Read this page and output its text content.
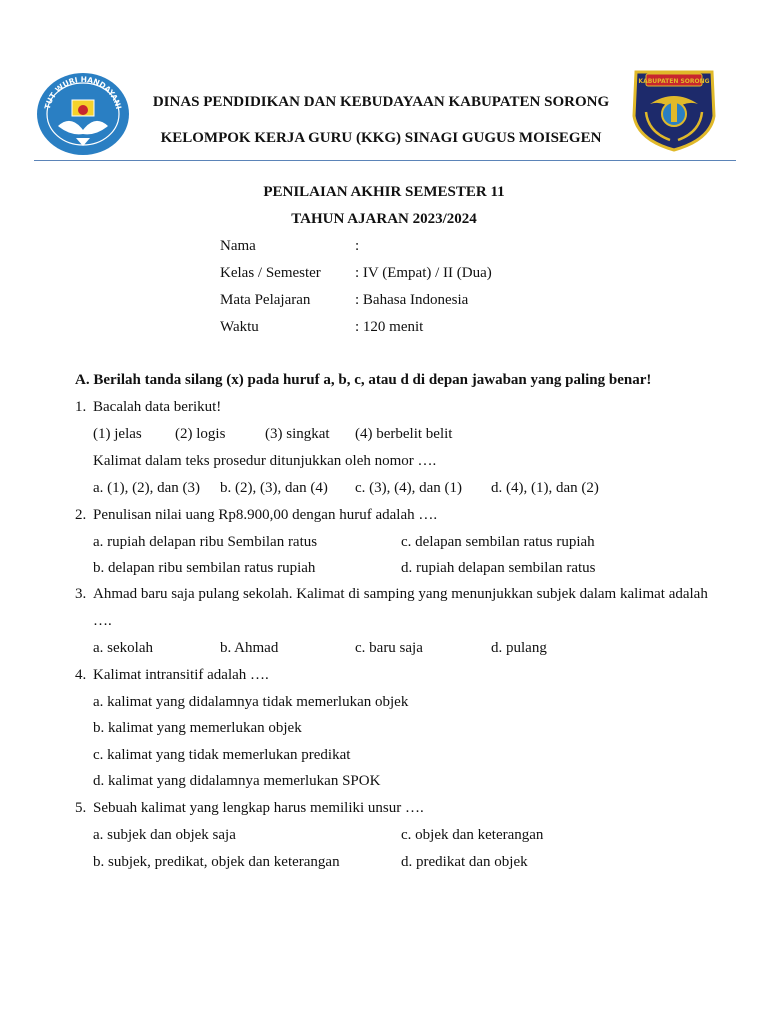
TUT WURI HANDAYANI
KABUPATEN SORONG
DINAS PENDIDIKAN DAN KEBUDAYAAN KABUPATEN SORONG
KELOMPOK KERJA GURU (KKG) SINAGI GUGUS MOISEGEN
PENILAIAN AKHIR SEMESTER 11
TAHUN AJARAN 2023/2024
Nama	:
Kelas / Semester : IV (Empat) / II (Dua)
Mata Pelajaran	: Bahasa Indonesia
Waktu	: 120 menit
A. Berilah tanda silang (x) pada huruf a, b, c, atau d di depan jawaban yang paling benar!
1. Bacalah data berikut!
(1) jelas (2) logis	(3) singkat (4) berbelit belit
Kalimat dalam teks prosedur ditunjukkan oleh nomor ….
a. (1), (2), dan (3) b. (2), (3), dan (4) c. (3), (4), dan (1) d. (4), (1), dan (2)
2. Penulisan nilai uang Rp8.900,00 dengan huruf adalah ….
a. rupiah delapan ribu Sembilan ratus	c. delapan sembilan ratus rupiah
b. delapan ribu sembilan ratus rupiah	d. rupiah delapan sembilan ratus
3. Ahmad baru saja pulang sekolah. Kalimat di samping yang menunjukkan subjek dalam kalimat adalah
….
a. sekolah	b. Ahmad	c. baru saja	d. pulang
4. Kalimat intransitif adalah ….
a. kalimat yang didalamnya tidak memerlukan objek
b. kalimat yang memerlukan objek
c. kalimat yang tidak memerlukan predikat
d. kalimat yang didalamnya memerlukan SPOK
5. Sebuah kalimat yang lengkap harus memiliki unsur ….
a. subjek dan objek saja	c. objek dan keterangan
b. subjek, predikat, objek dan keterangan	d. predikat dan objek
